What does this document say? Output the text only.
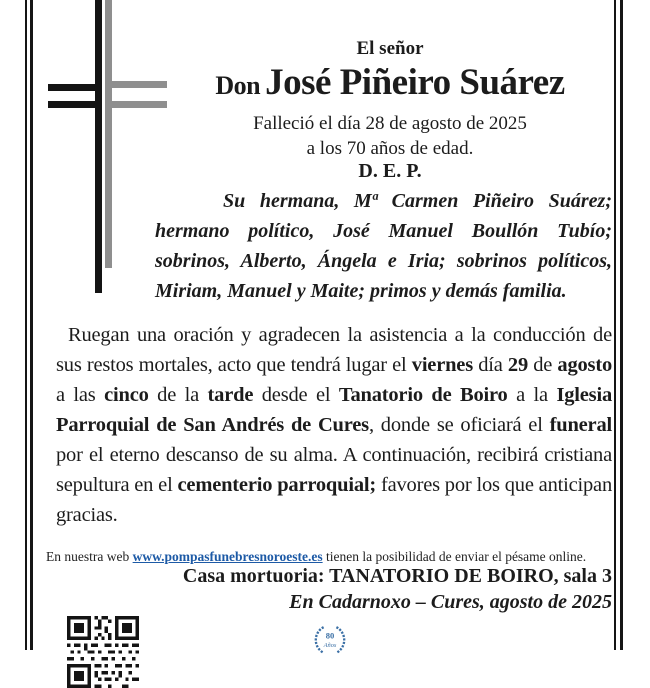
El señor
Don José Piñeiro Suárez
Falleció el día 28 de agosto de 2025
a los 70 años de edad.
D. E. P.

Su hermana, Mª Carmen Piñeiro Suárez; hermano político, José Manuel Boullón Tubío; sobrinos, Alberto, Ángela e Iria; sobrinos políticos, Miriam, Manuel y Maite; primos y demás familia.

Ruegan una oración y agradecen la asistencia a la conducción de sus restos mortales, acto que tendrá lugar el viernes día 29 de agosto a las cinco de la tarde desde el Tanatorio de Boiro a la Iglesia Parroquial de San Andrés de Cures, donde se oficiará el funeral por el eterno descanso de su alma. A continuación, recibirá cristiana sepultura en el cementerio parroquial; favores por los que anticipan gracias.

En nuestra web www.pompasfunebresnoroeste.es tienen la posibilidad de enviar el pésame online.
Casa mortuoria: TANATORIO DE BOIRO, sala 3
En Cadarnoxo – Cures, agosto de 2025
80
Años
